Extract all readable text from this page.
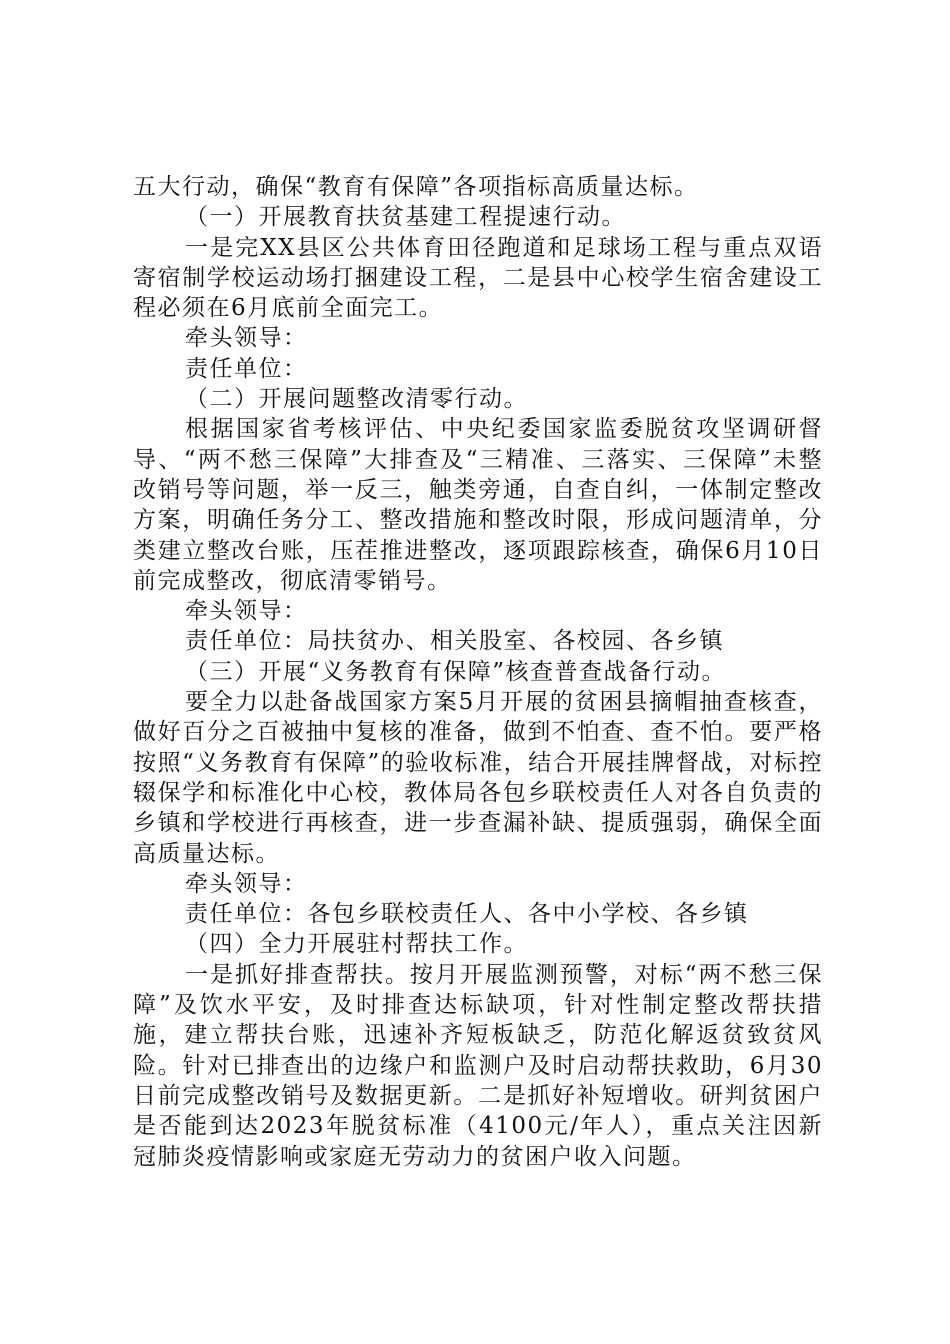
五大行动，确保“教育有保障”各项指标高质量达标。

（一）开展教育扶贫基建工程提速行动。

一是完XX县区公共体育田径跑道和足球场工程与重点双语寄宿制学校运动场打捆建设工程，二是县中心校学生宿舍建设工程必须在6月底前全面完工。

牵头领导：

责任单位：

（二）开展问题整改清零行动。

根据国家省考核评估、中央纪委国家监委脱贫攻坚调研督导、“两不愁三保障”大排查及“三精准、三落实、三保障”未整改销号等问题，举一反三，触类旁通，自查自纠，一体制定整改方案，明确任务分工、整改措施和整改时限，形成问题清单，分类建立整改台账，压茬推进整改，逐项跟踪核查，确保6月10日前完成整改，彻底清零销号。

牵头领导：

责任单位：局扶贫办、相关股室、各校园、各乡镇

（三）开展“义务教育有保障”核查普查战备行动。

要全力以赴备战国家方案5月开展的贫困县摘帽抽查核查，做好百分之百被抽中复核的准备，做到不怕查、查不怕。要严格按照“义务教育有保障”的验收标准，结合开展挂牌督战，对标控辍保学和标准化中心校，教体局各包乡联校责任人对各自负责的乡镇和学校进行再核查，进一步查漏补缺、提质强弱，确保全面高质量达标。

牵头领导：

责任单位：各包乡联校责任人、各中小学校、各乡镇

（四）全力开展驻村帮扶工作。

一是抓好排查帮扶。按月开展监测预警，对标“两不愁三保障”及饮水平安，及时排查达标缺项，针对性制定整改帮扶措施，建立帮扶台账，迅速补齐短板缺乏，防范化解返贫致贫风险。针对已排查出的边缘户和监测户及时启动帮扶救助，6月30日前完成整改销号及数据更新。二是抓好补短增收。研判贫困户是否能到达2023年脱贫标准（4100元/年人），重点关注因新冠肺炎疫情影响或家庭无劳动力的贫困户收入问题。
